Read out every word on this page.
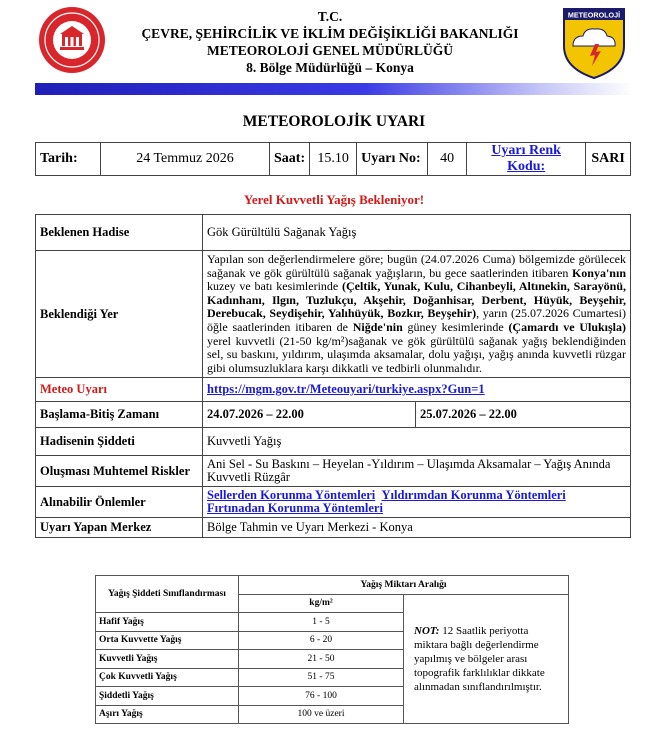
T.C.
ÇEVRE, ŞEHİRCİLİK VE İKLİM DEĞİŞİKLİĞİ BAKANLIĞI
METEOROLOJİ GENEL MÜDÜRLÜĞÜ
8. Bölge Müdürlüğü – Konya
METEOROLOJİ
METEOROLOJİK UYARI
Tarih:	24 Temmuz 2026	Saat:	15.10	Uyarı No:	40	Uyarı Renk Kodu:	SARI
Yerel Kuvvetli Yağış Bekleniyor!
Beklenen Hadise	Gök Gürültülü Sağanak Yağış	
Beklendiği Yer	Yapılan son değerlendirmelere göre; bugün (24.07.2026 Cuma) bölgemizde görülecek sağanak ve gök gürültülü sağanak yağışların, bu gece saatlerinden itibaren Konya'nın kuzey ve batı kesimlerinde (Çeltik, Yunak, Kulu, Cihanbeyli, Altınekin, Sarayönü, Kadınhanı, Ilgın, Tuzlukçu, Akşehir, Doğanhisar, Derbent, Hüyük, Beyşehir, Derebucak, Seydişehir, Yalıhüyük, Bozkır, Beyşehir), yarın (25.07.2026 Cumartesi) öğle saatlerinden itibaren de Niğde'nin güney kesimlerinde (Çamardı ve Ulukışla) yerel kuvvetli (21-50 kg/m²)sağanak ve gök gürültülü sağanak yağış beklendiğinden sel, su baskını, yıldırım, ulaşımda aksamalar, dolu yağışı, yağış anında kuvvetli rüzgar gibi olumsuzluklara karşı dikkatli ve tedbirli olunmalıdır.	
Meteo Uyarı	https://mgm.gov.tr/Meteouyari/turkiye.aspx?Gun=1	
Başlama-Bitiş Zamanı	24.07.2026 – 22.00	25.07.2026 – 22.00
Hadisenin Şiddeti	Kuvvetli Yağış	
Oluşması Muhtemel Riskler	Ani Sel - Su Baskını – Heyelan -Yıldırım – Ulaşımda Aksamalar – Yağış Anında Kuvvetli Rüzgâr	
Alınabilir Önlemler	Sellerden Korunma Yöntemleri Yıldırımdan Korunma Yöntemleri
Fırtınadan Korunma Yöntemleri	
Uyarı Yapan Merkez	Bölge Tahmin ve Uyarı Merkezi - Konya	
Yağış Şiddeti Sınıflandırması	Yağış Miktarı Aralığı	
	kg/m²	NOT: 12 Saatlik periyotta miktara bağlı değerlendirme yapılmış ve bölgeler arası topografik farklılıklar dikkate alınmadan sınıflandırılmıştır.
Hafif Yağış	1 - 5	
Orta Kuvvette Yağış	6 - 20	
Kuvvetli Yağış	21 - 50	
Çok Kuvvetli Yağış	51 - 75	
Şiddetli Yağış	76 - 100	
Aşırı Yağış	100 ve üzeri	
